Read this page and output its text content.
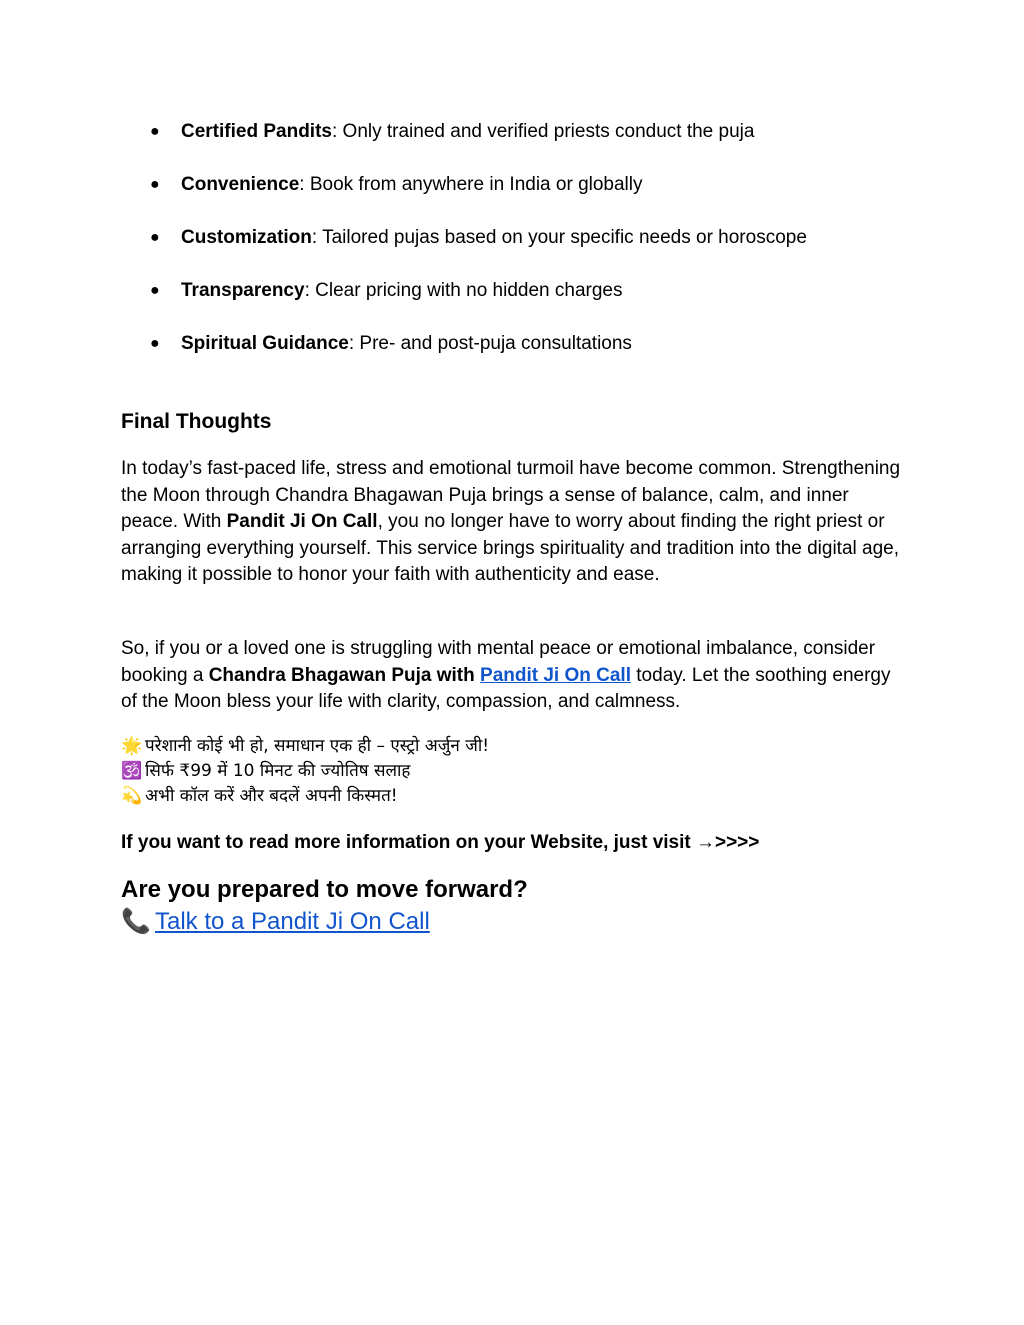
● Certified Pandits: Only trained and verified priests conduct the puja
● Convenience: Book from anywhere in India or globally
● Customization: Tailored pujas based on your specific needs or horoscope
● Transparency: Clear pricing with no hidden charges
● Spiritual Guidance: Pre- and post-puja consultations
Final Thoughts

In today’s fast-paced life, stress and emotional turmoil have become common. Strengthening the Moon through Chandra Bhagawan Puja brings a sense of balance, calm, and inner peace. With Pandit Ji On Call, you no longer have to worry about finding the right priest or arranging everything yourself. This service brings spirituality and tradition into the digital age, making it possible to honor your faith with authenticity and ease.

So, if you or a loved one is struggling with mental peace or emotional imbalance, consider booking a Chandra Bhagawan Puja with Pandit Ji On Call today. Let the soothing energy of the Moon bless your life with clarity, compassion, and calmness.

🌟 परेशानी कोई भी हो, समाधान एक ही – एस्ट्रो अर्जुन जी!
🕉️ सिर्फ ₹99 में 10 मिनट की ज्योतिष सलाह
💫 अभी कॉल करें और बदलें अपनी किस्मत!
If you want to read more information on your Website, just visit →>>>>
Are you prepared to move forward?
📞 Talk to a Pandit Ji On Call
